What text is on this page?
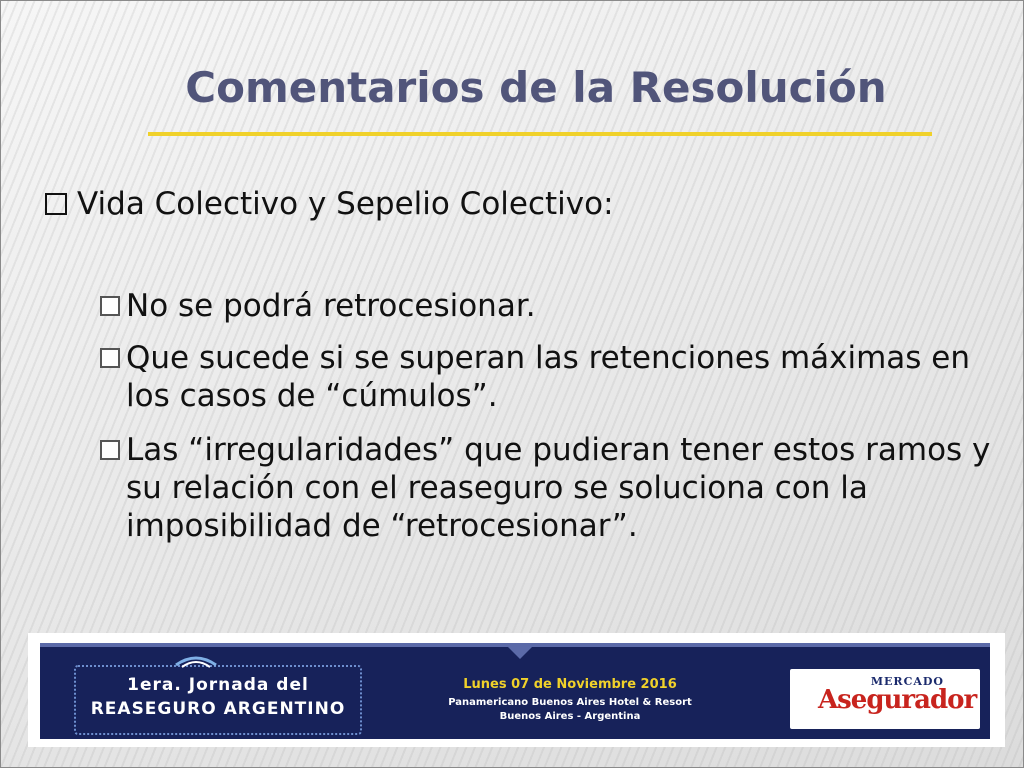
Comentarios de la Resolución
Vida Colectivo y Sepelio Colectivo:
No se podrá retrocesionar.
Que sucede si se superan las retenciones máximas en los casos de “cúmulos”.
Las “irregularidades” que pudieran tener estos ramos y su relación con el reaseguro se soluciona con la imposibilidad de “retrocesionar”.
1era. Jornada del
REASEGURO ARGENTINO
Lunes 07 de Noviembre 2016
Panamericano Buenos Aires Hotel & Resort
Buenos Aires - Argentina
MERCADO
Asegurador
